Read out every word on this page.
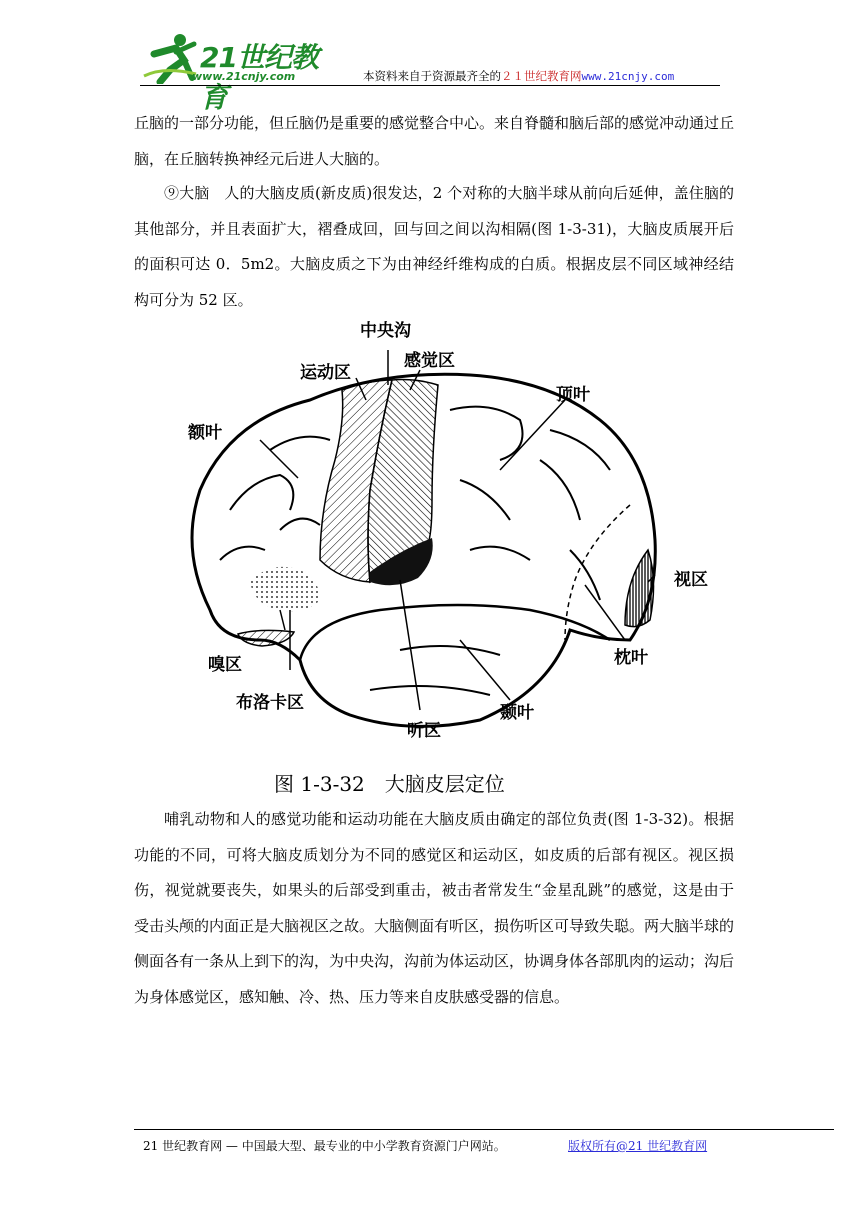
21世纪教育
www.21cnjy.com	本资料来自于资源最齐全的２１世纪教育网www.21cnjy.com

丘脑的一部分功能，但丘脑仍是重要的感觉整合中心。来自脊髓和脑后部的感觉冲动通过丘脑，在丘脑转换神经元后进人大脑的。

⑨大脑　人的大脑皮质(新皮质)很发达，2 个对称的大脑半球从前向后延伸，盖住脑的其他部分，并且表面扩大，褶叠成回，回与回之间以沟相隔(图 1-3-31)，大脑皮质展开后的面积可达 0．5m2。大脑皮质之下为由神经纤维构成的白质。根据皮层不同区域神经结构可分为 52 区。

中央沟
运动区
感觉区
顶叶
额叶
视区
嗅区	枕叶
布洛卡区	颞叶
听区
图 1-3-32　大脑皮层定位

哺乳动物和人的感觉功能和运动功能在大脑皮质由确定的部位负责(图 1-3-32)。根据功能的不同，可将大脑皮质划分为不同的感觉区和运动区，如皮质的后部有视区。视区损伤，视觉就要丧失，如果头的后部受到重击，被击者常发生“金星乱跳”的感觉，这是由于受击头颅的内面正是大脑视区之故。大脑侧面有听区，损伤听区可导致失聪。两大脑半球的侧面各有一条从上到下的沟，为中央沟，沟前为体运动区，协调身体各部肌肉的运动；沟后为身体感觉区，感知触、冷、热、压力等来自皮肤感受器的信息。

21 世纪教育网 — 中国最大型、最专业的中小学教育资源门户网站。	版权所有@21 世纪教育网
